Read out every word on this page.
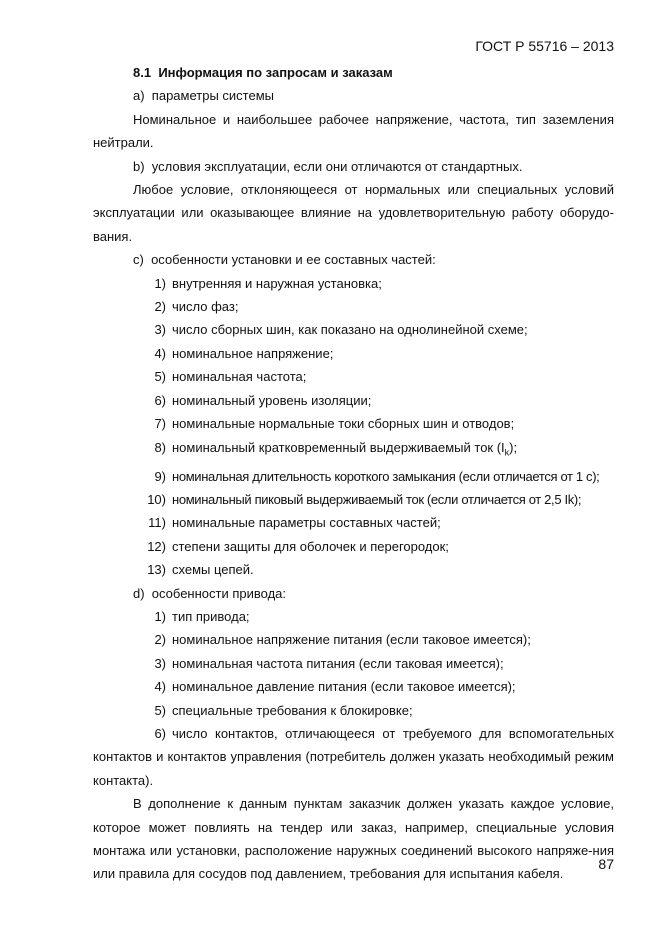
ГОСТ Р 55716 – 2013

8.1 Информация по запросам и заказам

a) параметры системы

Номинальное и наибольшее рабочее напряжение, частота, тип заземления нейтрали.

b) условия эксплуатации, если они отличаются от стандартных.

Любое условие, отклоняющееся от нормальных или специальных условий эксплуатации или оказывающее влияние на удовлетворительную работу оборудо-вания.

c) особенности установки и ее составных частей:

1) внутренняя и наружная установка;
2) число фаз;
3) число сборных шин, как показано на однолинейной схеме;
4) номинальное напряжение;
5) номинальная частота;
6) номинальный уровень изоляции;
7) номинальные нормальные токи сборных шин и отводов;
8) номинальный кратковременный выдерживаемый ток $(I_k)$;
9) номинальная длительность короткого замыкания (если отличается от 1 с);
10) номинальный пиковый выдерживаемый ток (если отличается от 2,5 Ik);
11) номинальные параметры составных частей;
12) степени защиты для оболочек и перегородок;
13) схемы цепей.

d) особенности привода:

1) тип привода;
2) номинальное напряжение питания (если таковое имеется);
3) номинальная частота питания (если таковая имеется);
4) номинальное давление питания (если таковое имеется);
5) специальные требования к блокировке;

6) число контактов, отличающееся от требуемого для вспомогательных контактов и контактов управления (потребитель должен указать необходимый режим контакта).

В дополнение к данным пунктам заказчик должен указать каждое условие, которое может повлиять на тендер или заказ, например, специальные условия монтажа или установки, расположение наружных соединений высокого напряже-ния или правила для сосудов под давлением, требования для испытания кабеля.

87
